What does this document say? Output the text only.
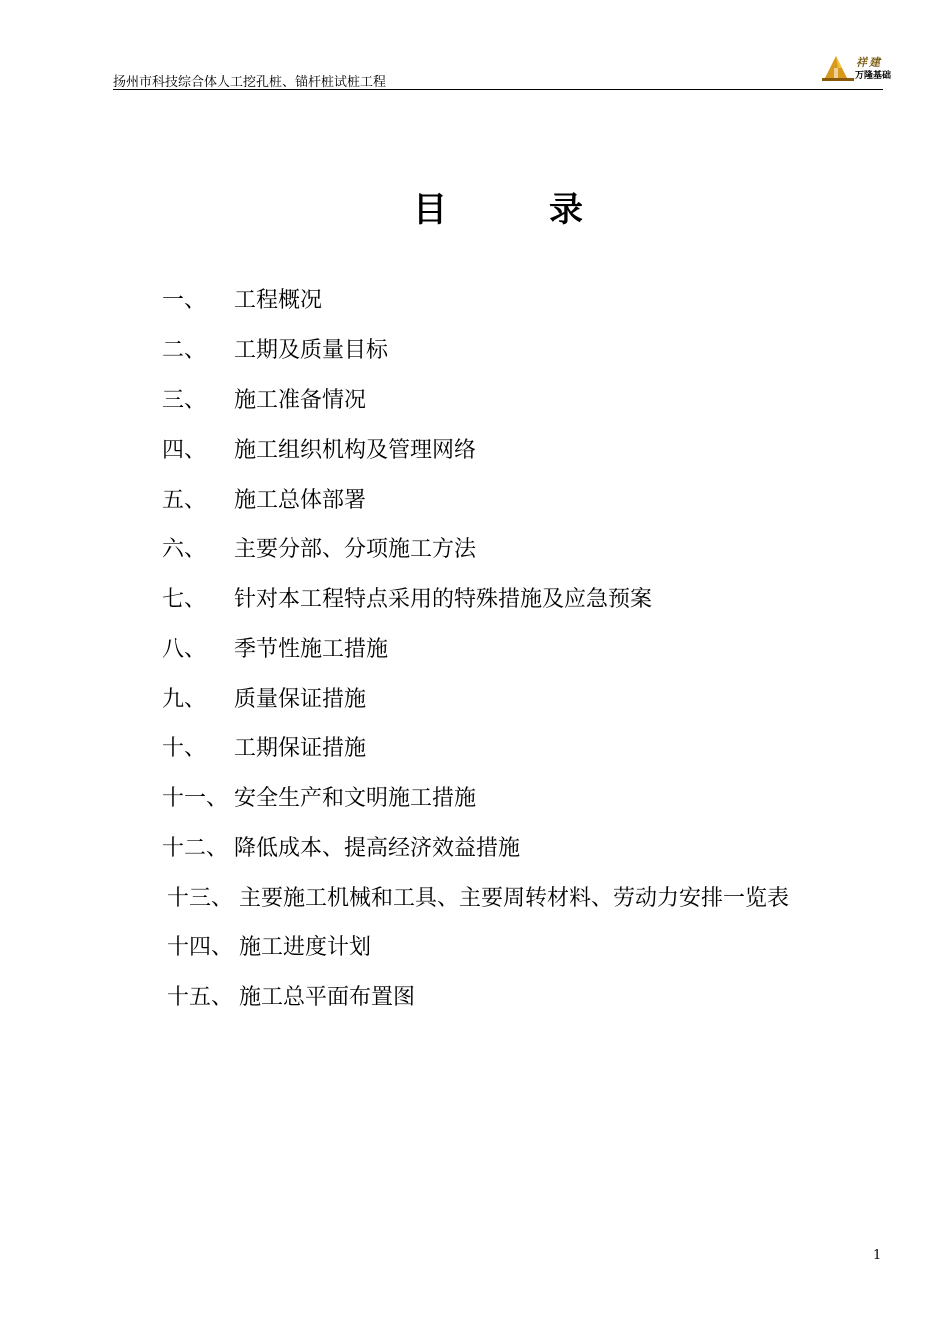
扬州市科技综合体人工挖孔桩、锚杆桩试桩工程
祥建
万隆基础
目	录
一、 工程概况
二、 工期及质量目标
三、 施工准备情况
四、 施工组织机构及管理网络
五、 施工总体部署
六、 主要分部、分项施工方法
七、 针对本工程特点采用的特殊措施及应急预案
八、 季节性施工措施
九、 质量保证措施
十、 工期保证措施
十一、 安全生产和文明施工措施
十二、 降低成本、提高经济效益措施
十三、 主要施工机械和工具、主要周转材料、劳动力安排一览表
十四、 施工进度计划
十五、 施工总平面布置图
1
